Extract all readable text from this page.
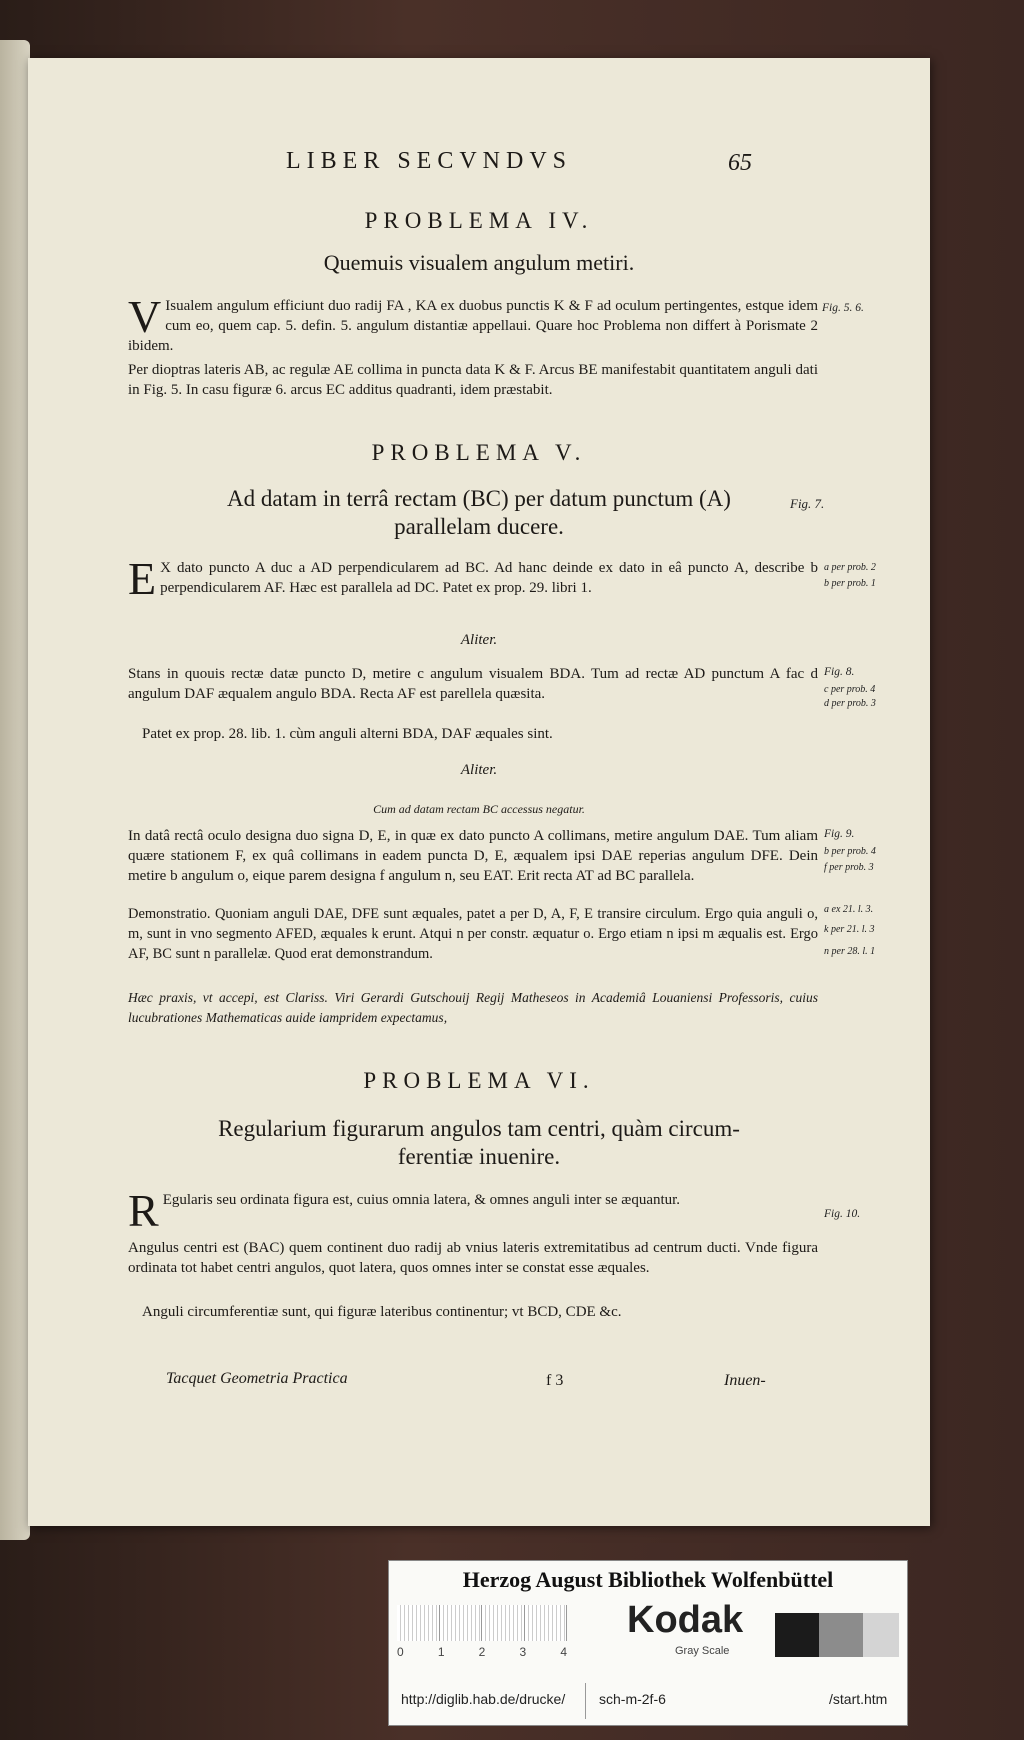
LIBER SECVNDVS	65
PROBLEMA IV.
Quemuis visualem angulum metiri.
V Isualem angulum efficiunt duo radij FA , KA ex duobus punctis K & F ad oculum pertingentes, estque idem cum eo, quem cap. 5. defin. 5. angulum distantiæ appellaui. Quare hoc Problema non differt à Porismate 2 ibidem.
Fig. 5. 6.
Per dioptras lateris AB, ac regulæ AE collima in puncta data K & F. Arcus BE manifestabit quantitatem anguli dati in Fig. 5. In casu figuræ 6. arcus EC additus quadranti, idem præstabit.
PROBLEMA V.
Ad datam in terrâ rectam (BC) per datum punctum (A)
parallelam ducere.
Fig. 7.
E X dato puncto A duc a AD perpendicularem ad BC. Ad hanc deinde ex dato in eâ puncto A, describe b perpendicularem AF. Hæc est parallela ad DC. Patet ex prop. 29. libri 1.
a per prob. 2
b per prob. 1
Aliter.
Stans in quouis rectæ datæ puncto D, metire c angulum visualem BDA. Tum ad rectæ AD punctum A fac d angulum DAF æqualem angulo BDA. Recta AF est parellela quæsita.
Fig. 8.
c per prob. 4
d per prob. 3
Patet ex prop. 28. lib. 1. cùm anguli alterni BDA, DAF æquales sint.
Aliter.
Cum ad datam rectam BC accessus negatur.
In datâ rectâ oculo designa duo signa D, E, in quæ ex dato puncto A collimans, metire angulum DAE. Tum aliam quære stationem F, ex quâ collimans in eadem puncta D, E, æqualem ipsi DAE reperias angulum DFE. Dein metire b angulum o, eique parem designa f angulum n, seu EAT. Erit recta AT ad BC parallela.
Fig. 9.
b per prob. 4
f per prob. 3
Demonstratio. Quoniam anguli DAE, DFE sunt æquales, patet a per D, A, F, E transire circulum. Ergo quia anguli o, m, sunt in vno segmento AFED, æquales k erunt. Atqui n per constr. æquatur o. Ergo etiam n ipsi m æqualis est. Ergo AF, BC sunt n parallelæ. Quod erat demonstrandum.
a ex 21. l. 3.
k per 21. l. 3
n per 28. l. 1
Hæc praxis, vt accepi, est Clariss. Viri Gerardi Gutschouij Regij Matheseos in Academiâ Louaniensi Professoris, cuius lucubrationes Mathematicas auide iampridem expectamus,
PROBLEMA VI.
Regularium figurarum angulos tam centri, quàm circum-
ferentiæ inuenire.
R Egularis seu ordinata figura est, cuius omnia latera, & omnes anguli inter se æquantur.
Fig. 10.
Angulus centri est (BAC) quem continent duo radij ab vnius lateris extremitatibus ad centrum ducti. Vnde figura ordinata tot habet centri angulos, quot latera, quos omnes inter se constat esse æquales.
Anguli circumferentiæ sunt, qui figuræ lateribus continentur; vt BCD, CDE &c.
Tacquet Geometria Practica	f 3	Inuen-
Herzog August Bibliothek Wolfenbüttel
0	1	2	3	4
Kodak
Gray Scale
http://diglib.hab.de/drucke/ sch-m-2f-6	/start.htm
